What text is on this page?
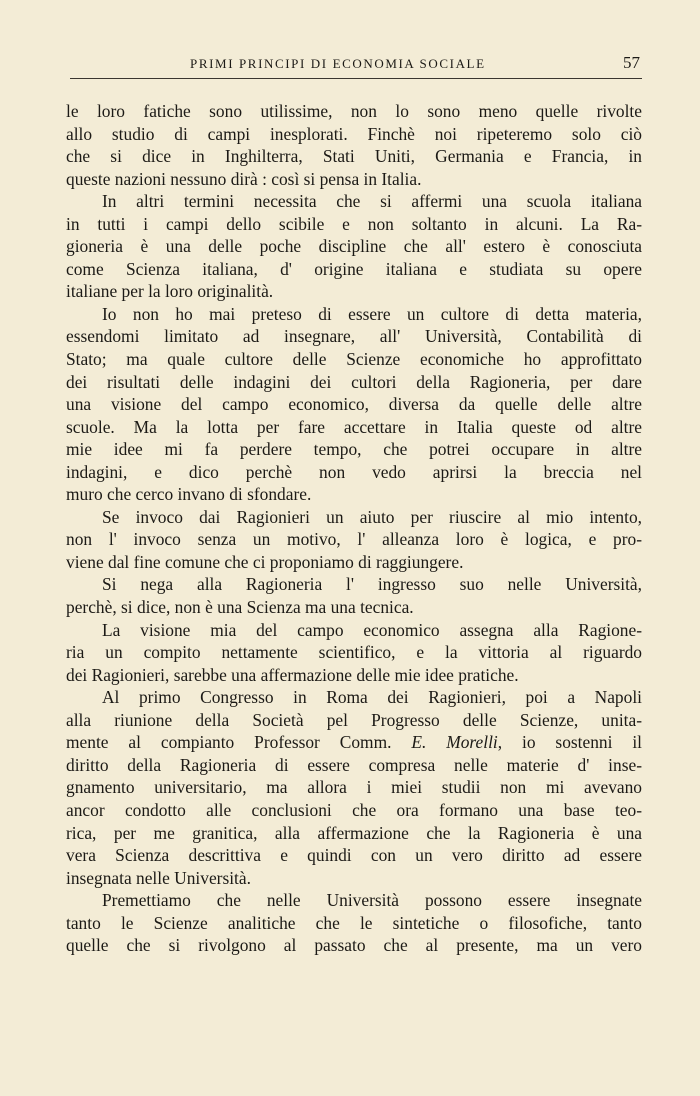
PRIMI PRINCIPI DI ECONOMIA SOCIALE	57
le loro fatiche sono utilissime, non lo sono meno quelle rivolte
allo studio di campi inesplorati. Finchè noi ripeteremo solo ciò
che si dice in Inghilterra, Stati Uniti, Germania e Francia, in
queste nazioni nessuno dirà : così si pensa in Italia.
In altri termini necessita che si affermi una scuola italiana
in tutti i campi dello scibile e non soltanto in alcuni. La Ra-
gioneria è una delle poche discipline che all' estero è conosciuta
come Scienza italiana, d' origine italiana e studiata su opere
italiane per la loro originalità.
Io non ho mai preteso di essere un cultore di detta materia,
essendomi limitato ad insegnare, all' Università, Contabilità di
Stato; ma quale cultore delle Scienze economiche ho approfittato
dei risultati delle indagini dei cultori della Ragioneria, per dare
una visione del campo economico, diversa da quelle delle altre
scuole. Ma la lotta per fare accettare in Italia queste od altre
mie idee mi fa perdere tempo, che potrei occupare in altre
indagini, e dico perchè non vedo aprirsi la breccia nel
muro che cerco invano di sfondare.
Se invoco dai Ragionieri un aiuto per riuscire al mio intento,
non l' invoco senza un motivo, l' alleanza loro è logica, e pro-
viene dal fine comune che ci proponiamo di raggiungere.
Si nega alla Ragioneria l' ingresso suo nelle Università,
perchè, si dice, non è una Scienza ma una tecnica.
La visione mia del campo economico assegna alla Ragione-
ria un compito nettamente scientifico, e la vittoria al riguardo
dei Ragionieri, sarebbe una affermazione delle mie idee pratiche.
Al primo Congresso in Roma dei Ragionieri, poi a Napoli
alla riunione della Società pel Progresso delle Scienze, unita-
mente al compianto Professor Comm. E. Morelli, io sostenni il
diritto della Ragioneria di essere compresa nelle materie d' inse-
gnamento universitario, ma allora i miei studii non mi avevano
ancor condotto alle conclusioni che ora formano una base teo-
rica, per me granitica, alla affermazione che la Ragioneria è una
vera Scienza descrittiva e quindi con un vero diritto ad essere
insegnata nelle Università.
Premettiamo che nelle Università possono essere insegnate
tanto le Scienze analitiche che le sintetiche o filosofiche, tanto
quelle che si rivolgono al passato che al presente, ma un vero
